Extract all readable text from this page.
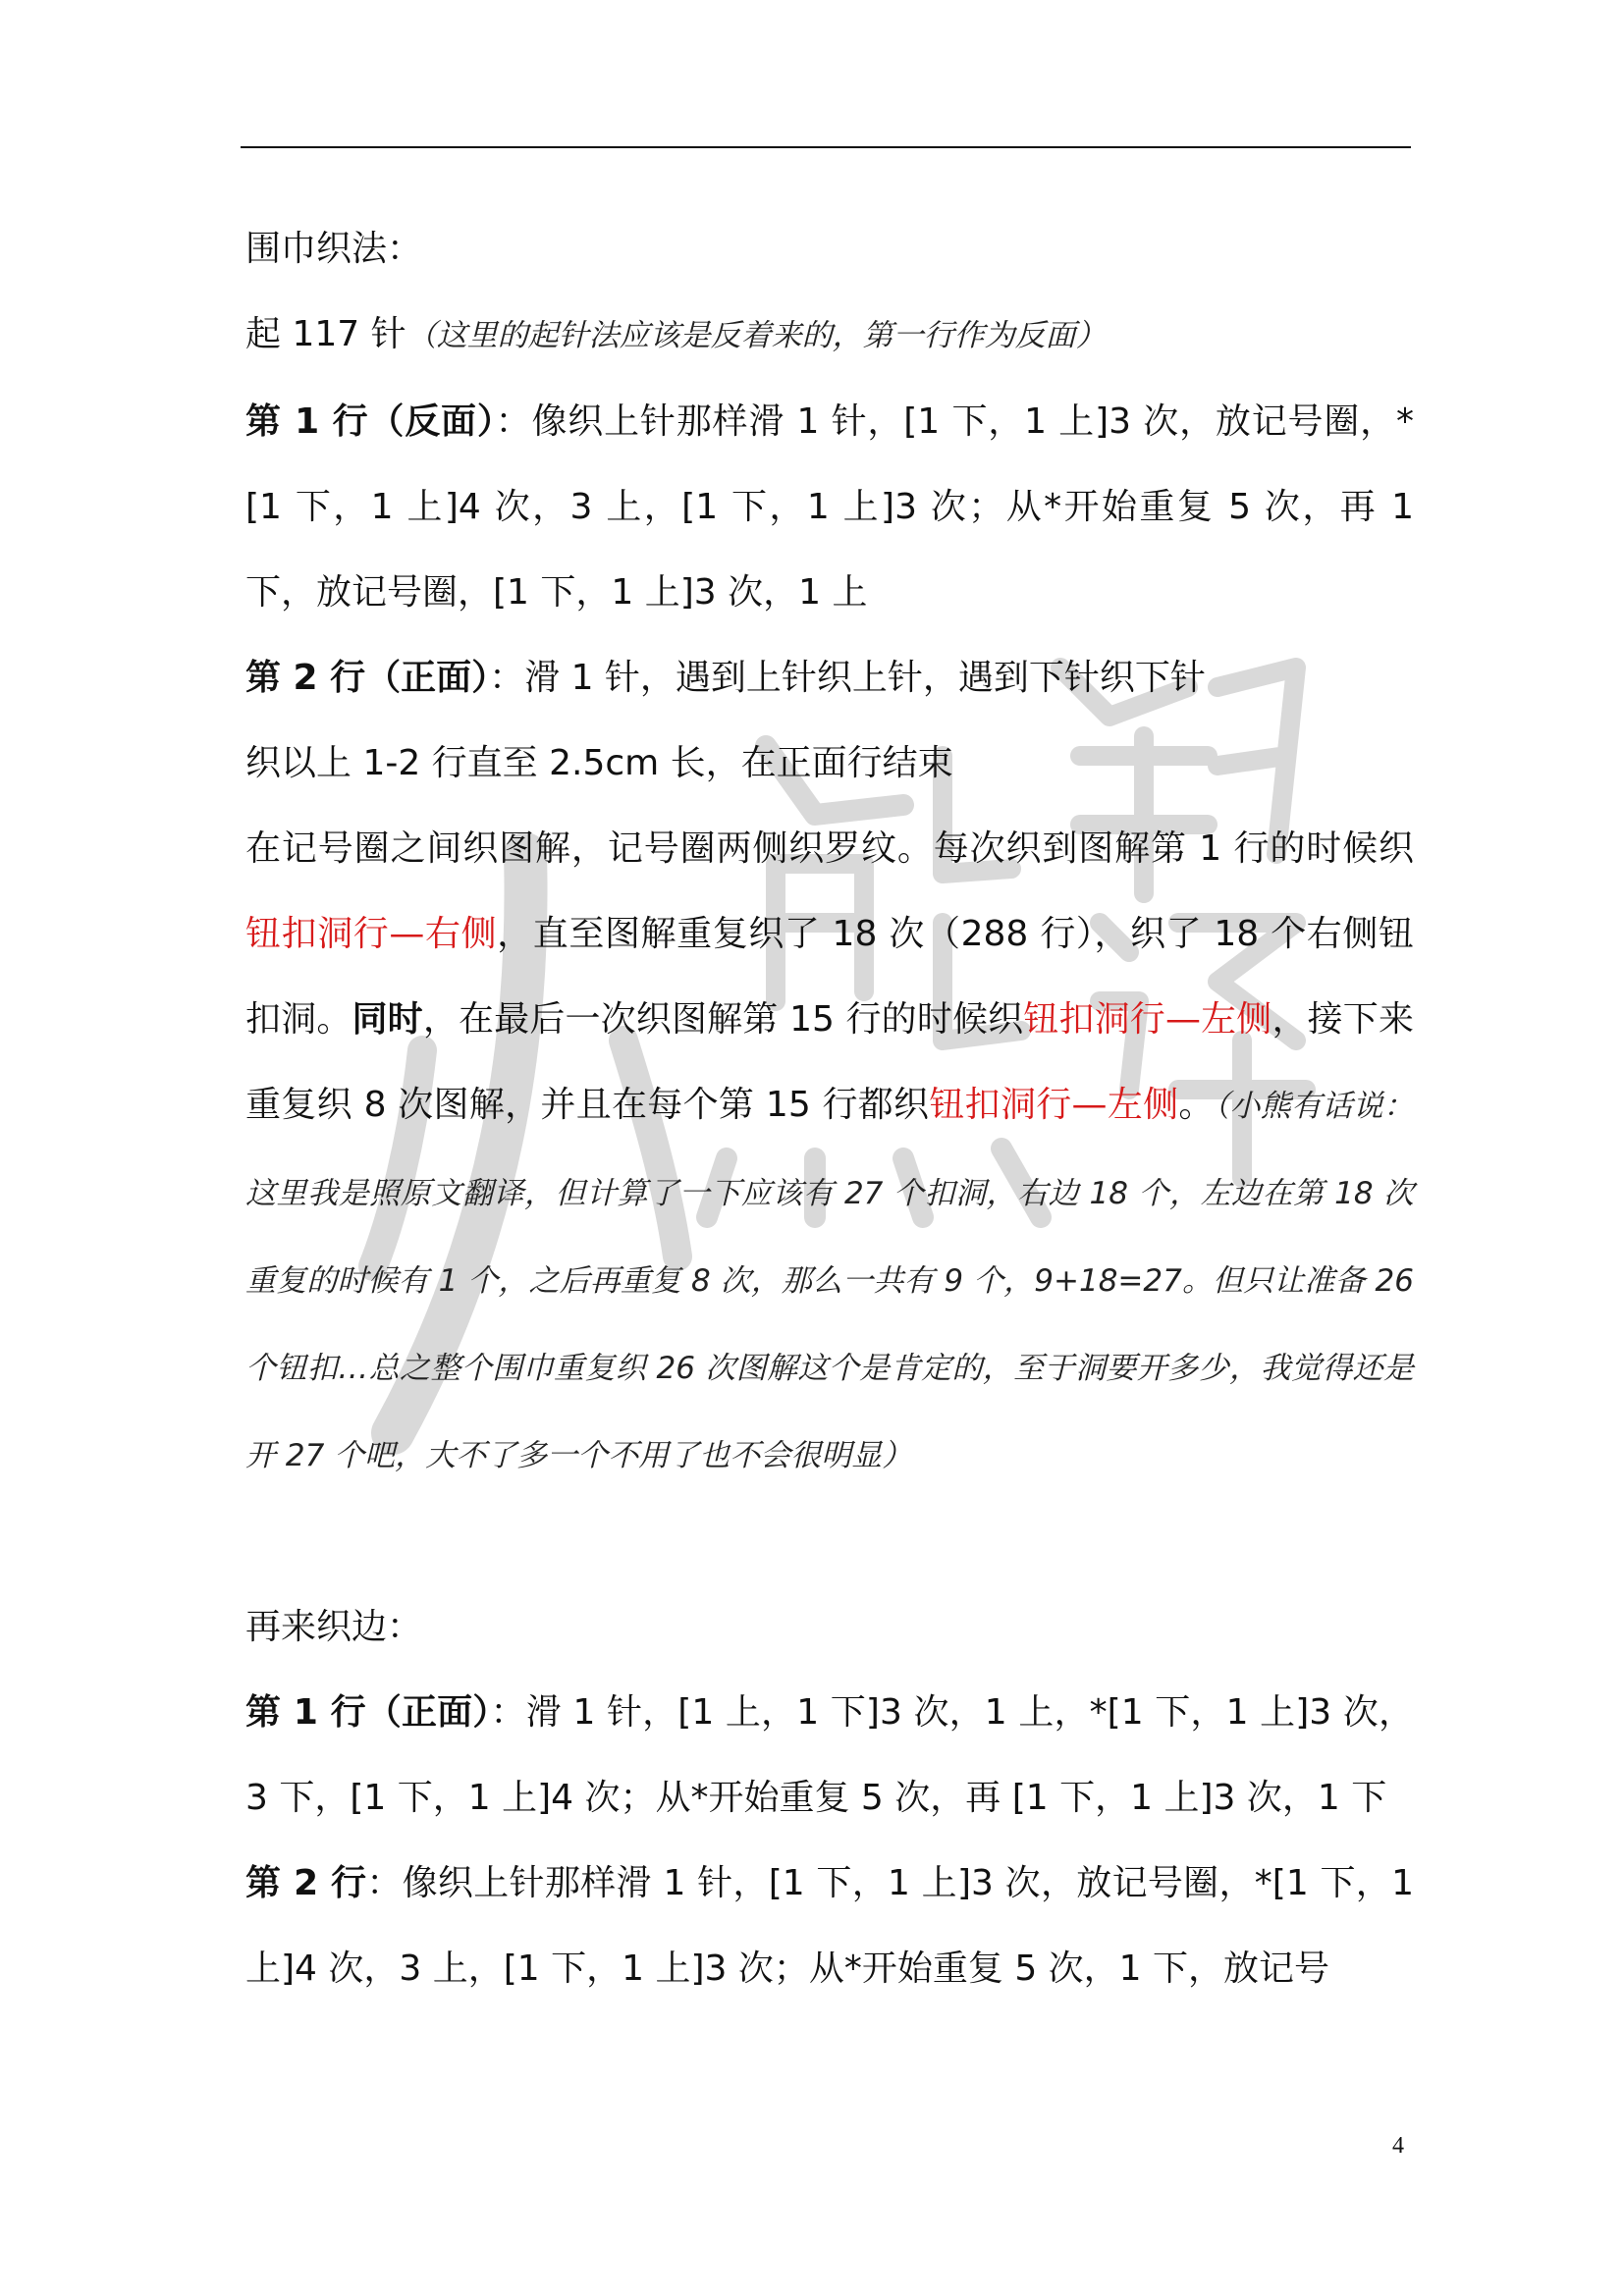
围巾织法：

起 117 针（这里的起针法应该是反着来的，第一行作为反面）

第 1 行（反面）：像织上针那样滑 1 针，[1 下，1 上]3 次，放记号圈，*[1 下，1 上]4 次，3 上，[1 下，1 上]3 次；从*开始重复 5 次，再 1 下，放记号圈，[1 下，1 上]3 次，1 上

第 2 行（正面）：滑 1 针，遇到上针织上针，遇到下针织下针

织以上 1-2 行直至 2.5cm 长，在正面行结束

在记号圈之间织图解，记号圈两侧织罗纹。每次织到图解第 1 行的时候织钮扣洞行—右侧，直至图解重复织了 18 次（288 行），织了 18 个右侧钮扣洞。同时，在最后一次织图解第 15 行的时候织钮扣洞行—左侧，接下来重复织 8 次图解，并且在每个第 15 行都织钮扣洞行—左侧。（小熊有话说：这里我是照原文翻译，但计算了一下应该有 27 个扣洞，右边 18 个，左边在第 18 次重复的时候有 1 个，之后再重复 8 次，那么一共有 9 个，9+18=27。但只让准备 26 个钮扣…总之整个围巾重复织 26 次图解这个是肯定的，至于洞要开多少，我觉得还是开 27 个吧，大不了多一个不用了也不会很明显）

再来织边：

第 1 行（正面）：滑 1 针，[1 上，1 下]3 次，1 上，*[1 下，1 上]3 次，3 下，[1 下，1 上]4 次；从*开始重复 5 次，再 [1 下，1 上]3 次，1 下

第 2 行：像织上针那样滑 1 针，[1 下，1 上]3 次，放记号圈，*[1 下，1 上]4 次，3 上，[1 下，1 上]3 次；从*开始重复 5 次，1 下，放记号

4
